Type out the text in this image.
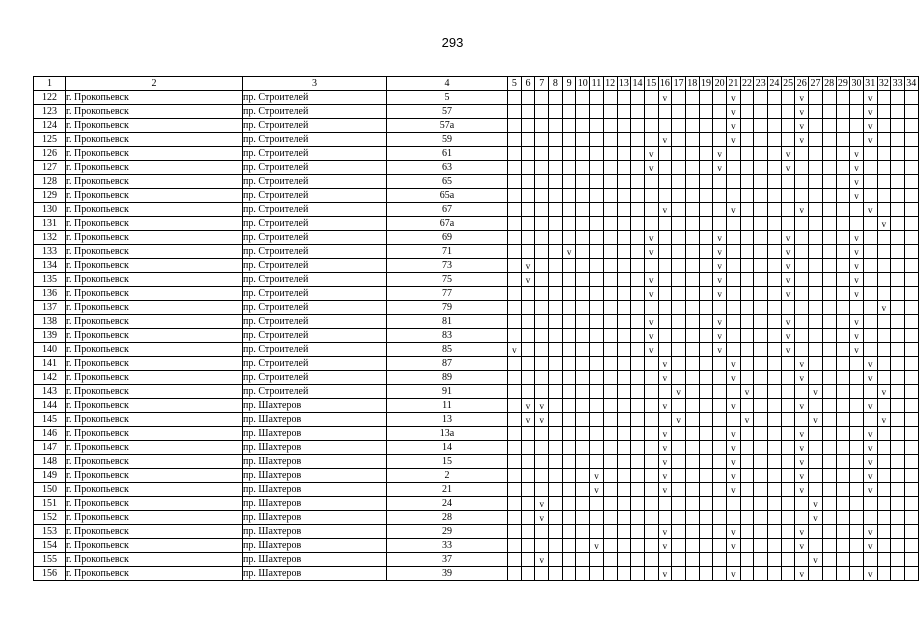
293
1	2	3	4	5	6	7	8	9	10	11	12	13	14	15	16	17	18	19	20	21	22	23	24	25	26	27	28	29	30	31	32	33	34
122	г. Прокопьевск	пр. Строителей	5												v					v					v					v			
123	г. Прокопьевск	пр. Строителей	57																	v					v					v			
124	г. Прокопьевск	пр. Строителей	57а																	v					v					v			
125	г. Прокопьевск	пр. Строителей	59												v					v					v					v			
126	г. Прокопьевск	пр. Строителей	61											v					v					v					v				
127	г. Прокопьевск	пр. Строителей	63											v					v					v					v				
128	г. Прокопьевск	пр. Строителей	65																										v				
129	г. Прокопьевск	пр. Строителей	65а																										v				
130	г. Прокопьевск	пр. Строителей	67												v					v					v					v			
131	г. Прокопьевск	пр. Строителей	67а																												v		
132	г. Прокопьевск	пр. Строителей	69											v					v					v					v				
133	г. Прокопьевск	пр. Строителей	71					v						v					v					v					v				
134	г. Прокопьевск	пр. Строителей	73		v														v					v					v				
135	г. Прокопьевск	пр. Строителей	75		v									v					v					v					v				
136	г. Прокопьевск	пр. Строителей	77											v					v					v					v				
137	г. Прокопьевск	пр. Строителей	79																												v		
138	г. Прокопьевск	пр. Строителей	81											v					v					v					v				
139	г. Прокопьевск	пр. Строителей	83											v					v					v					v				
140	г. Прокопьевск	пр. Строителей	85	v										v					v					v					v				
141	г. Прокопьевск	пр. Строителей	87												v					v					v					v			
142	г. Прокопьевск	пр. Строителей	89												v					v					v					v			
143	г. Прокопьевск	пр. Строителей	91													v					v					v					v		
144	г. Прокопьевск	пр. Шахтеров	11		v	v									v					v					v					v			
145	г. Прокопьевск	пр. Шахтеров	13		v	v										v					v					v					v		
146	г. Прокопьевск	пр. Шахтеров	13а												v					v					v					v			
147	г. Прокопьевск	пр. Шахтеров	14												v					v					v					v			
148	г. Прокопьевск	пр. Шахтеров	15												v					v					v					v			
149	г. Прокопьевск	пр. Шахтеров	2							v					v					v					v					v			
150	г. Прокопьевск	пр. Шахтеров	21							v					v					v					v					v			
151	г. Прокопьевск	пр. Шахтеров	24			v																				v							
152	г. Прокопьевск	пр. Шахтеров	28			v																				v							
153	г. Прокопьевск	пр. Шахтеров	29												v					v					v					v			
154	г. Прокопьевск	пр. Шахтеров	33							v					v					v					v					v			
155	г. Прокопьевск	пр. Шахтеров	37			v																				v							
156	г. Прокопьевск	пр. Шахтеров	39												v					v					v					v			
